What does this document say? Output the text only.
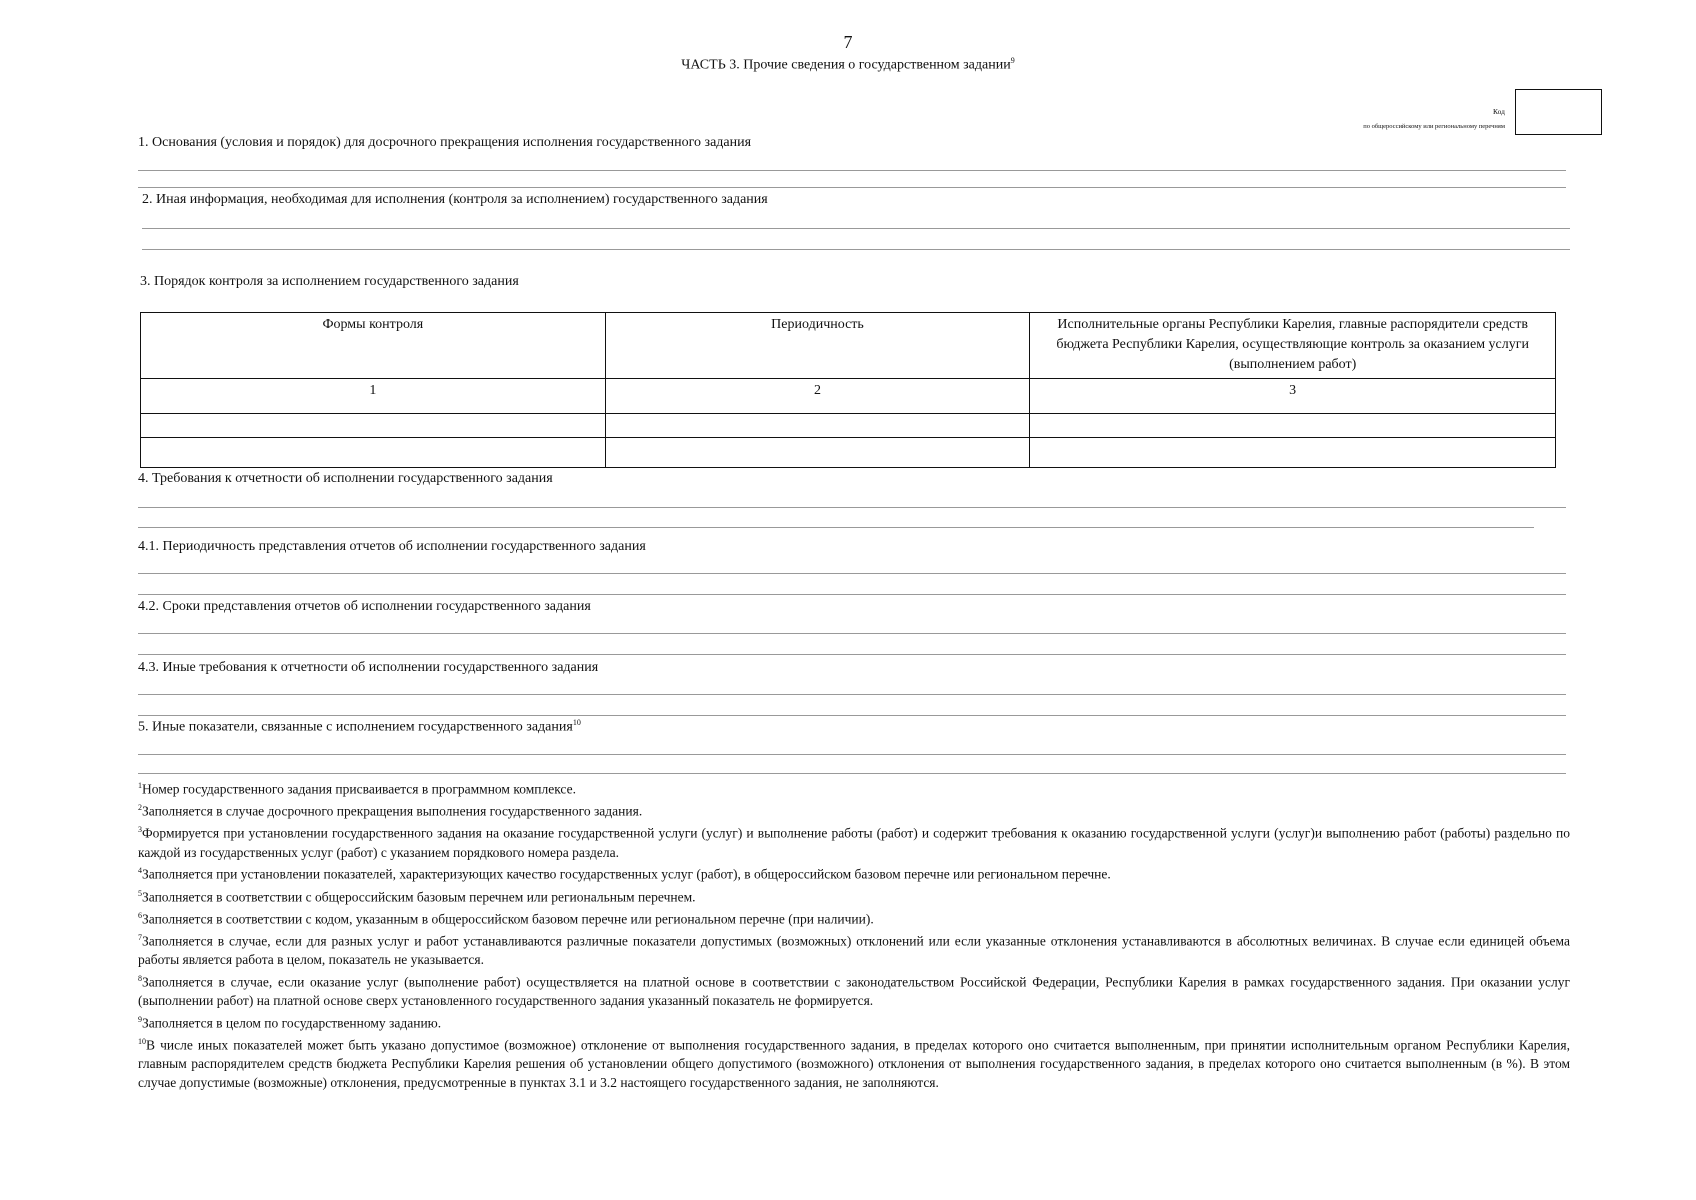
7
ЧАСТЬ 3. Прочие сведения о государственном задании$^9$
Код
по общероссийскому или региональному перечням
1. Основания (условия и порядок) для досрочного прекращения исполнения государственного задания
2. Иная информация, необходимая для исполнения (контроля за исполнением) государственного задания
3. Порядок контроля за исполнением государственного задания
Формы контроля	Периодичность	Исполнительные органы Республики Карелия, главные распорядители средств бюджета Республики Карелия, осуществляющие контроль за оказанием услуги (выполнением работ)
1	2	3

4. Требования к отчетности об исполнении государственного задания
4.1. Периодичность представления отчетов об исполнении государственного задания
4.2. Сроки представления отчетов об исполнении государственного задания
4.3. Иные требования к отчетности об исполнении государственного задания
5. Иные показатели, связанные с исполнением государственного задания$^{10}$
$^1$Номер государственного задания присваивается в программном комплексе.
$^2$Заполняется в случае досрочного прекращения выполнения государственного задания.
$^3$Формируется при установлении государственного задания на оказание государственной услуги (услуг) и выполнение работы (работ) и содержит требования к оказанию государственной услуги (услуг)и выполнению работ (работы) раздельно по каждой из государственных услуг (работ) с указанием порядкового номера раздела.
$^4$Заполняется при установлении показателей, характеризующих качество государственных услуг (работ), в общероссийском базовом перечне или региональном перечне.
$^5$Заполняется в соответствии с общероссийским базовым перечнем или региональным перечнем.
$^6$Заполняется в соответствии с кодом, указанным в общероссийском базовом перечне или региональном перечне (при наличии).
$^7$Заполняется в случае, если для разных услуг и работ устанавливаются различные показатели допустимых (возможных) отклонений или если указанные отклонения устанавливаются в абсолютных величинах. В случае если единицей объема работы является работа в целом, показатель не указывается.
$^8$Заполняется в случае, если оказание услуг (выполнение работ) осуществляется на платной основе в соответствии с законодательством Российской Федерации, Республики Карелия в рамках государственного задания. При оказании услуг (выполнении работ) на платной основе сверх установленного государственного задания указанный показатель не формируется.
$^9$Заполняется в целом по государственному заданию.
$^{10}$В числе иных показателей может быть указано допустимое (возможное) отклонение от выполнения государственного задания, в пределах которого оно считается выполненным, при принятии исполнительным органом Республики Карелия, главным распорядителем средств бюджета Республики Карелия решения об установлении общего допустимого (возможного) отклонения от выполнения государственного задания, в пределах которого оно считается выполненным (в %). В этом случае допустимые (возможные) отклонения, предусмотренные в пунктах 3.1 и 3.2 настоящего государственного задания, не заполняются.
